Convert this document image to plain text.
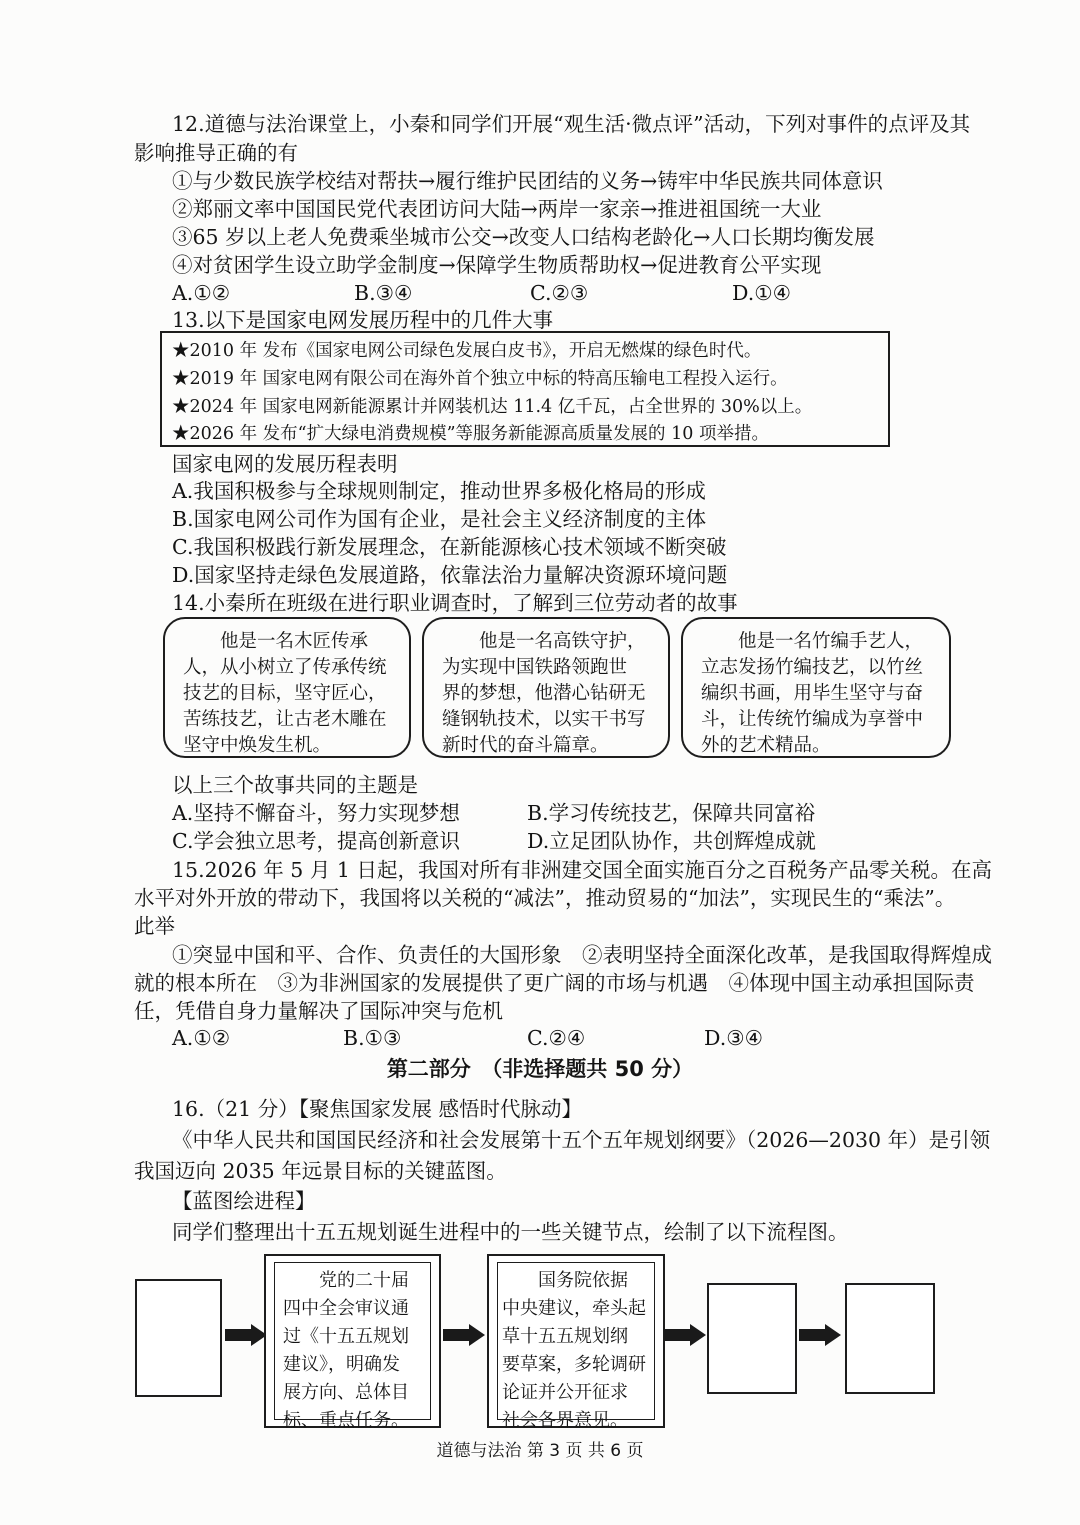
12.道德与法治课堂上，小秦和同学们开展“观生活·微点评”活动，下列对事件的点评及其
影响推导正确的有
①与少数民族学校结对帮扶→履行维护民团结的义务→铸牢中华民族共同体意识
②郑丽文率中国国民党代表团访问大陆→两岸一家亲→推进祖国统一大业
③65 岁以上老人免费乘坐城市公交→改变人口结构老龄化→人口长期均衡发展
④对贫困学生设立助学金制度→保障学生物质帮助权→促进教育公平实现
A.①②	B.③④	C.②③	D.①④
13.以下是国家电网发展历程中的几件大事
★2010 年 发布《国家电网公司绿色发展白皮书》，开启无燃煤的绿色时代。
★2019 年 国家电网有限公司在海外首个独立中标的特高压输电工程投入运行。
★2024 年 国家电网新能源累计并网装机达 11.4 亿千瓦，占全世界的 30%以上。
★2026 年 发布“扩大绿电消费规模”等服务新能源高质量发展的 10 项举措。
国家电网的发展历程表明
A.我国积极参与全球规则制定，推动世界多极化格局的形成
B.国家电网公司作为国有企业，是社会主义经济制度的主体
C.我国积极践行新发展理念，在新能源核心技术领域不断突破
D.国家坚持走绿色发展道路，依靠法治力量解决资源环境问题
14.小秦所在班级在进行职业调查时，了解到三位劳动者的故事
　　他是一名木匠传承
人，从小树立了传承传统
技艺的目标，坚守匠心，
苦练技艺，让古老木雕在
坚守中焕发生机。
　　他是一名高铁守护，
为实现中国铁路领跑世
界的梦想，他潜心钻研无
缝钢轨技术，以实干书写
新时代的奋斗篇章。
　　他是一名竹编手艺人，
立志发扬竹编技艺，以竹丝
编织书画，用毕生坚守与奋
斗，让传统竹编成为享誉中
外的艺术精品。
以上三个故事共同的主题是
A.坚持不懈奋斗，努力实现梦想	B.学习传统技艺，保障共同富裕
C.学会独立思考，提高创新意识	D.立足团队协作，共创辉煌成就
15.2026 年 5 月 1 日起，我国对所有非洲建交国全面实施百分之百税务产品零关税。在高
水平对外开放的带动下，我国将以关税的“减法”，推动贸易的“加法”，实现民生的“乘法”。
此举
①突显中国和平、合作、负责任的大国形象　②表明坚持全面深化改革，是我国取得辉煌成
就的根本所在　③为非洲国家的发展提供了更广阔的市场与机遇　④体现中国主动承担国际责
任，凭借自身力量解决了国际冲突与危机
A.①②	B.①③	C.②④	D.③④
第二部分　（非选择题共 50 分）
16.（21 分）【聚焦国家发展 感悟时代脉动】
《中华人民共和国国民经济和社会发展第十五个五年规划纲要》（2026—2030 年）是引领
我国迈向 2035 年远景目标的关键蓝图。
【蓝图绘进程】
同学们整理出十五五规划诞生进程中的一些关键节点，绘制了以下流程图。
　　党的二十届
四中全会审议通
过《十五五规划
建议》，明确发
展方向、总体目
标、重点任务。
　　国务院依据
中央建议，牵头起
草十五五规划纲
要草案，多轮调研
论证并公开征求
社会各界意见。
道德与法治 第 3 页 共 6 页
